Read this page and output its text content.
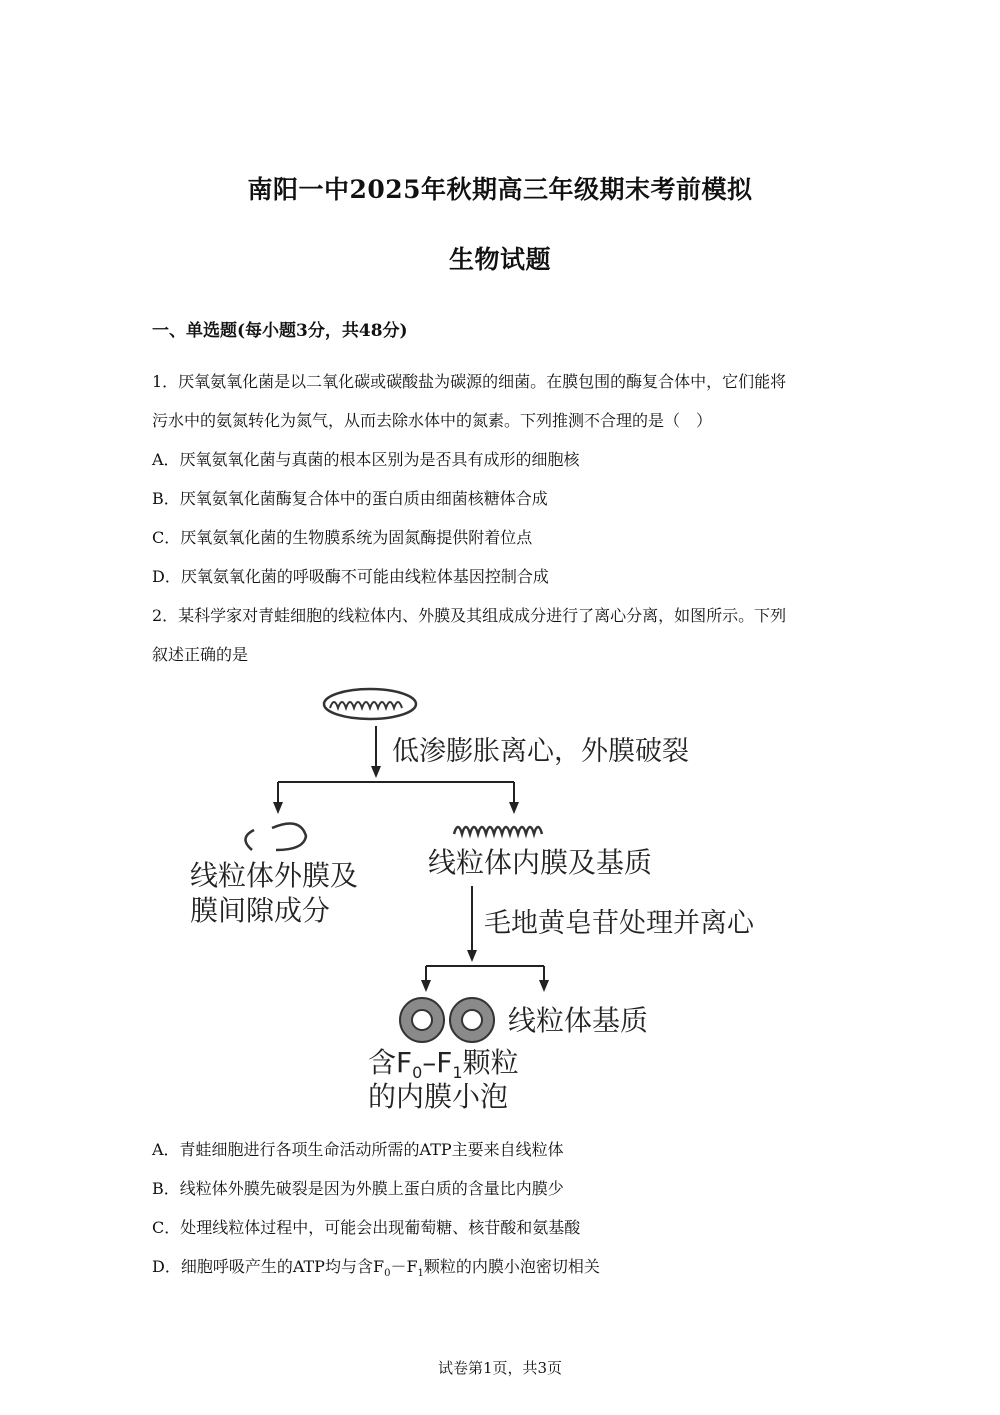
南阳一中2025年秋期高三年级期末考前模拟
生物试题
一、单选题(每小题3分，共48分)
1．厌氧氨氧化菌是以二氧化碳或碳酸盐为碳源的细菌。在膜包围的酶复合体中，它们能将
污水中的氨氮转化为氮气，从而去除水体中的氮素。下列推测不合理的是（　）
A．厌氧氨氧化菌与真菌的根本区别为是否具有成形的细胞核
B．厌氧氨氧化菌酶复合体中的蛋白质由细菌核糖体合成
C．厌氧氨氧化菌的生物膜系统为固氮酶提供附着位点
D．厌氧氨氧化菌的呼吸酶不可能由线粒体基因控制合成
2．某科学家对青蛙细胞的线粒体内、外膜及其组成成分进行了离心分离，如图所示。下列
叙述正确的是
低渗膨胀离心，外膜破裂
线粒体外膜及
膜间隙成分
线粒体内膜及基质
毛地黄皂苷处理并离心
线粒体基质
含$F_0-F_1$颗粒
的内膜小泡
A．青蛙细胞进行各项生命活动所需的ATP主要来自线粒体
B．线粒体外膜先破裂是因为外膜上蛋白质的含量比内膜少
C．处理线粒体过程中，可能会出现葡萄糖、核苷酸和氨基酸
D．细胞呼吸产生的ATP均与含$F_0-F_1$颗粒的内膜小泡密切相关
试卷第1页，共3页
